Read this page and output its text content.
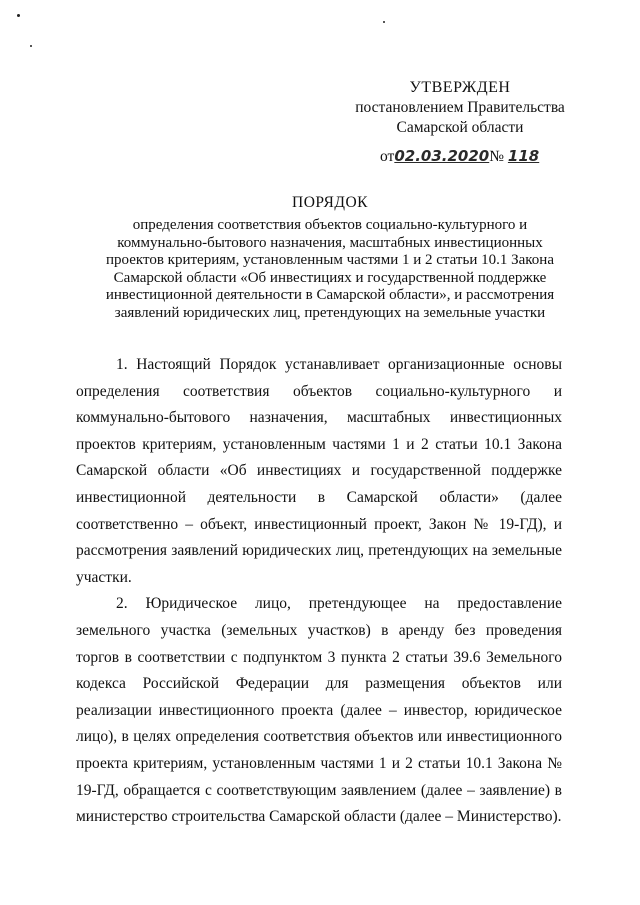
УТВЕРЖДЕН
постановлением Правительства
Самарской области
от02.03.2020№ 118
ПОРЯДОК
определения соответствия объектов социально-культурного и коммунально-бытового назначения, масштабных инвестиционных проектов критериям, установленным частями 1 и 2 статьи 10.1 Закона Самарской области «Об инвестициях и государственной поддержке инвестиционной деятельности в Самарской области», и рассмотрения заявлений юридических лиц, претендующих на земельные участки

1. Настоящий Порядок устанавливает организационные основы определения соответствия объектов социально-культурного и коммунально-бытового назначения, масштабных инвестиционных проектов критериям, установленным частями 1 и 2 статьи 10.1 Закона Самарской области «Об инвестициях и государственной поддержке инвестиционной деятельности в Самарской области» (далее соответственно – объект, инвестиционный проект, Закон № 19-ГД), и рассмотрения заявлений юридических лиц, претендующих на земельные участки.

2. Юридическое лицо, претендующее на предоставление земельного участка (земельных участков) в аренду без проведения торгов в соответствии с подпунктом 3 пункта 2 статьи 39.6 Земельного кодекса Российской Федерации для размещения объектов или реализации инвестиционного проекта (далее – инвестор, юридическое лицо), в целях определения соответствия объектов или инвестиционного проекта критериям, установленным частями 1 и 2 статьи 10.1 Закона № 19-ГД, обращается с соответствующим заявлением (далее – заявление) в министерство строительства Самарской области (далее – Министерство).
